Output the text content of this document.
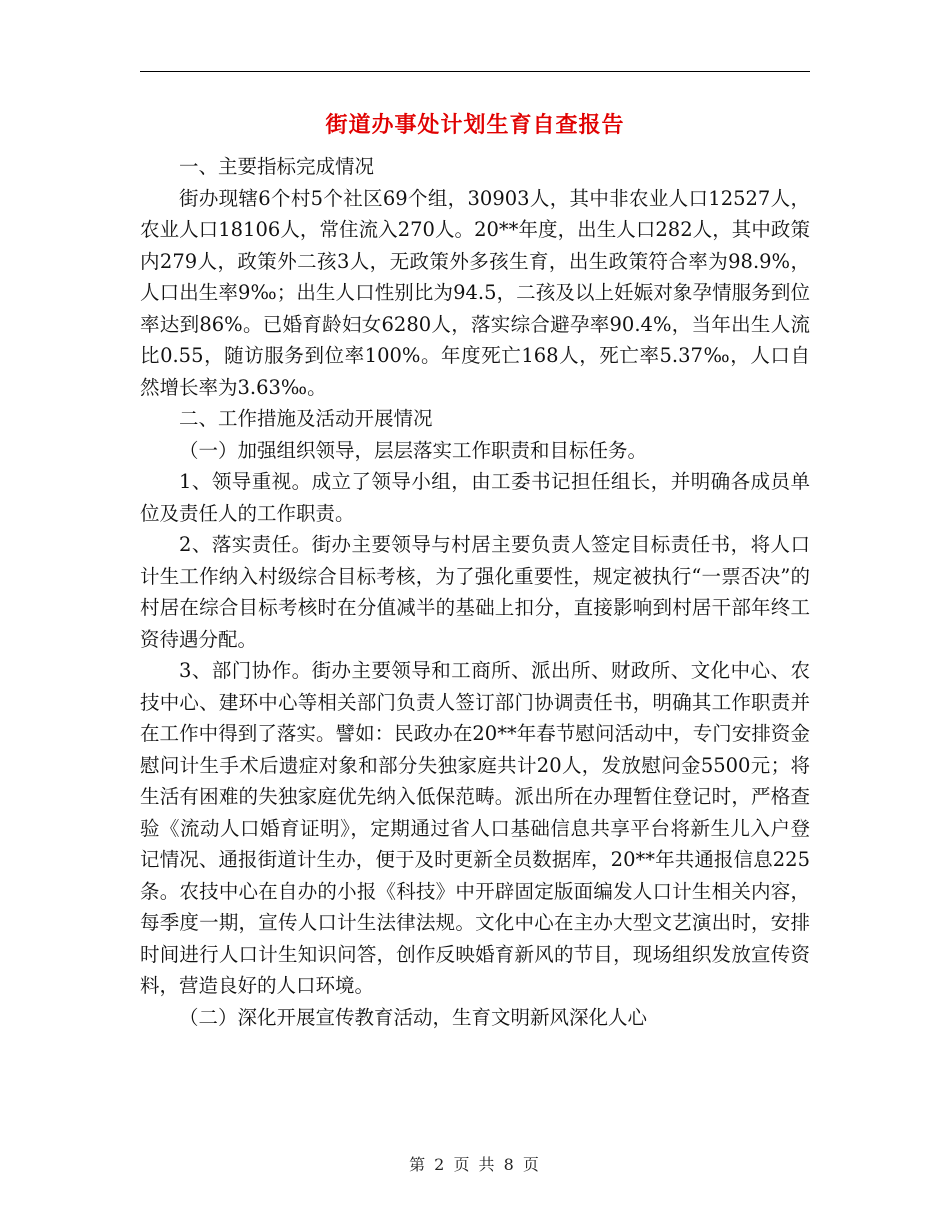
街道办事处计划生育自查报告

一、主要指标完成情况

街办现辖6个村5个社区69个组，30903人，其中非农业人口12527人，农业人口18106人，常住流入270人。20**年度，出生人口282人，其中政策内279人，政策外二孩3人，无政策外多孩生育，出生政策符合率为98.9%，人口出生率9‰；出生人口性别比为94.5，二孩及以上妊娠对象孕情服务到位率达到86%。已婚育龄妇女6280人，落实综合避孕率90.4%，当年出生人流比0.55，随访服务到位率100%。年度死亡168人，死亡率5.37‰，人口自然增长率为3.63‰。

二、工作措施及活动开展情况

（一）加强组织领导，层层落实工作职责和目标任务。

1、领导重视。成立了领导小组，由工委书记担任组长，并明确各成员单位及责任人的工作职责。

2、落实责任。街办主要领导与村居主要负责人签定目标责任书，将人口计生工作纳入村级综合目标考核，为了强化重要性，规定被执行“一票否决”的村居在综合目标考核时在分值减半的基础上扣分，直接影响到村居干部年终工资待遇分配。

3、部门协作。街办主要领导和工商所、派出所、财政所、文化中心、农技中心、建环中心等相关部门负责人签订部门协调责任书，明确其工作职责并在工作中得到了落实。譬如：民政办在20**年春节慰问活动中，专门安排资金慰问计生手术后遗症对象和部分失独家庭共计20人，发放慰问金5500元；将生活有困难的失独家庭优先纳入低保范畴。派出所在办理暂住登记时，严格查验《流动人口婚育证明》，定期通过省人口基础信息共享平台将新生儿入户登记情况、通报街道计生办，便于及时更新全员数据库，20**年共通报信息225条。农技中心在自办的小报《科技》中开辟固定版面编发人口计生相关内容，每季度一期，宣传人口计生法律法规。文化中心在主办大型文艺演出时，安排时间进行人口计生知识问答，创作反映婚育新风的节目，现场组织发放宣传资料，营造良好的人口环境。

（二）深化开展宣传教育活动，生育文明新风深化人心

第 2 页 共 8 页
